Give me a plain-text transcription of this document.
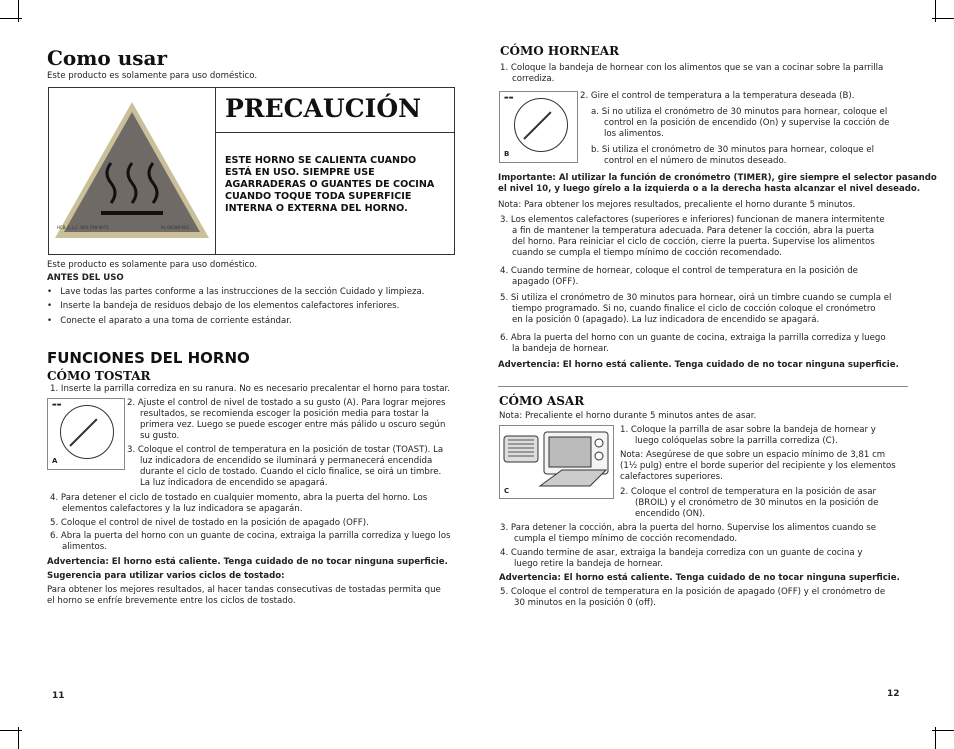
Como usar
Este producto es solamente para uso doméstico.
HCB, L.L.C. 800-798-9071	Pn 00398-003
PRECAUCIÓN
ESTE HORNO SE CALIENTA CUANDO
ESTÁ EN USO. SIEMPRE USE
AGARRADERAS O GUANTES DE COCINA
CUANDO TOQUE TODA SUPERFICIE
INTERNA O EXTERNA DEL HORNO.
Este producto es solamente para uso doméstico.
ANTES DEL USO
•   Lave todas las partes conforme a las instrucciones de la sección Cuidado y limpieza.
•   Inserte la bandeja de residuos debajo de los elementos calefactores inferiores.
•   Conecte el aparato a una toma de corriente estándar.
FUNCIONES DEL HORNO
CÓMO TOSTAR
1. Inserte la parrilla corrediza en su ranura. No es necesario precalentar el horno para tostar.
▬▬
A
2. Ajuste el control de nivel de tostado a su gusto (A). Para lograr mejores
resultados, se recomienda escoger la posición media para tostar la
primera vez. Luego se puede escoger entre más pálido u oscuro según
su gusto.
3. Coloque el control de temperatura en la posición de tostar (TOAST). La
luz indicadora de encendido se iluminará y permanecerá encendida
durante el ciclo de tostado. Cuando el ciclo finalice, se oirá un timbre.
La luz indicadora de encendido se apagará.
4. Para detener el ciclo de tostado en cualquier momento, abra la puerta del horno. Los
elementos calefactores y la luz indicadora se apagarán.
5. Coloque el control de nivel de tostado en la posición de apagado (OFF).
6. Abra la puerta del horno con un guante de cocina, extraiga la parrilla corrediza y luego los
alimentos.
Advertencia: El horno está caliente. Tenga cuidado de no tocar ninguna superficie.
Sugerencia para utilizar varios ciclos de tostado:
Para obtener los mejores resultados, al hacer tandas consecutivas de tostadas permita que
el horno se enfríe brevemente entre los ciclos de tostado.
11
CÓMO HORNEAR
1. Coloque la bandeja de hornear con los alimentos que se van a cocinar sobre la parrilla
corrediza.
▬▬
B
2. Gire el control de temperatura a la temperatura deseada (B).
a. Si no utiliza el cronómetro de 30 minutos para hornear, coloque el
control en la posición de encendido (On) y supervise la cocción de
los alimentos.
b. Si utiliza el cronómetro de 30 minutos para hornear, coloque el
control en el número de minutos deseado.
Importante: Al utilizar la función de cronómetro (TIMER), gire siempre el selector pasando
el nivel 10, y luego gírelo a la izquierda o a la derecha hasta alcanzar el nivel deseado.
Nota: Para obtener los mejores resultados, precaliente el horno durante 5 minutos.
3. Los elementos calefactores (superiores e inferiores) funcionan de manera intermitente
a fin de mantener la temperatura adecuada. Para detener la cocción, abra la puerta
del horno. Para reiniciar el ciclo de cocción, cierre la puerta. Supervise los alimentos
cuando se cumpla el tiempo mínimo de cocción recomendado.
4. Cuando termine de hornear, coloque el control de temperatura en la posición de
apagado (OFF).
5. Si utiliza el cronómetro de 30 minutos para hornear, oirá un timbre cuando se cumpla el
tiempo programado. Si no, cuando finalice el ciclo de cocción coloque el cronómetro
en la posición 0 (apagado). La luz indicadora de encendido se apagará.
6. Abra la puerta del horno con un guante de cocina, extraiga la parrilla corrediza y luego
la bandeja de hornear.
Advertencia: El horno está caliente. Tenga cuidado de no tocar ninguna superficie.
CÓMO ASAR
Nota: Precaliente el horno durante 5 minutos antes de asar.
C
1. Coloque la parrilla de asar sobre la bandeja de hornear y
luego colóquelas sobre la parrilla corrediza (C).
Nota: Asegúrese de que sobre un espacio mínimo de 3,81 cm
(1½ pulg) entre el borde superior del recipiente y los elementos
calefactores superiores.
2. Coloque el control de temperatura en la posición de asar
(BROIL) y el cronómetro de 30 minutos en la posición de
encendido (ON).
3. Para detener la cocción, abra la puerta del horno. Supervise los alimentos cuando se
cumpla el tiempo mínimo de cocción recomendado.
4. Cuando termine de asar, extraiga la bandeja corrediza con un guante de cocina y
luego retire la bandeja de hornear.
Advertencia: El horno está caliente. Tenga cuidado de no tocar ninguna superficie.
5. Coloque el control de temperatura en la posición de apagado (OFF) y el cronómetro de
30 minutos en la posición 0 (off).
12
